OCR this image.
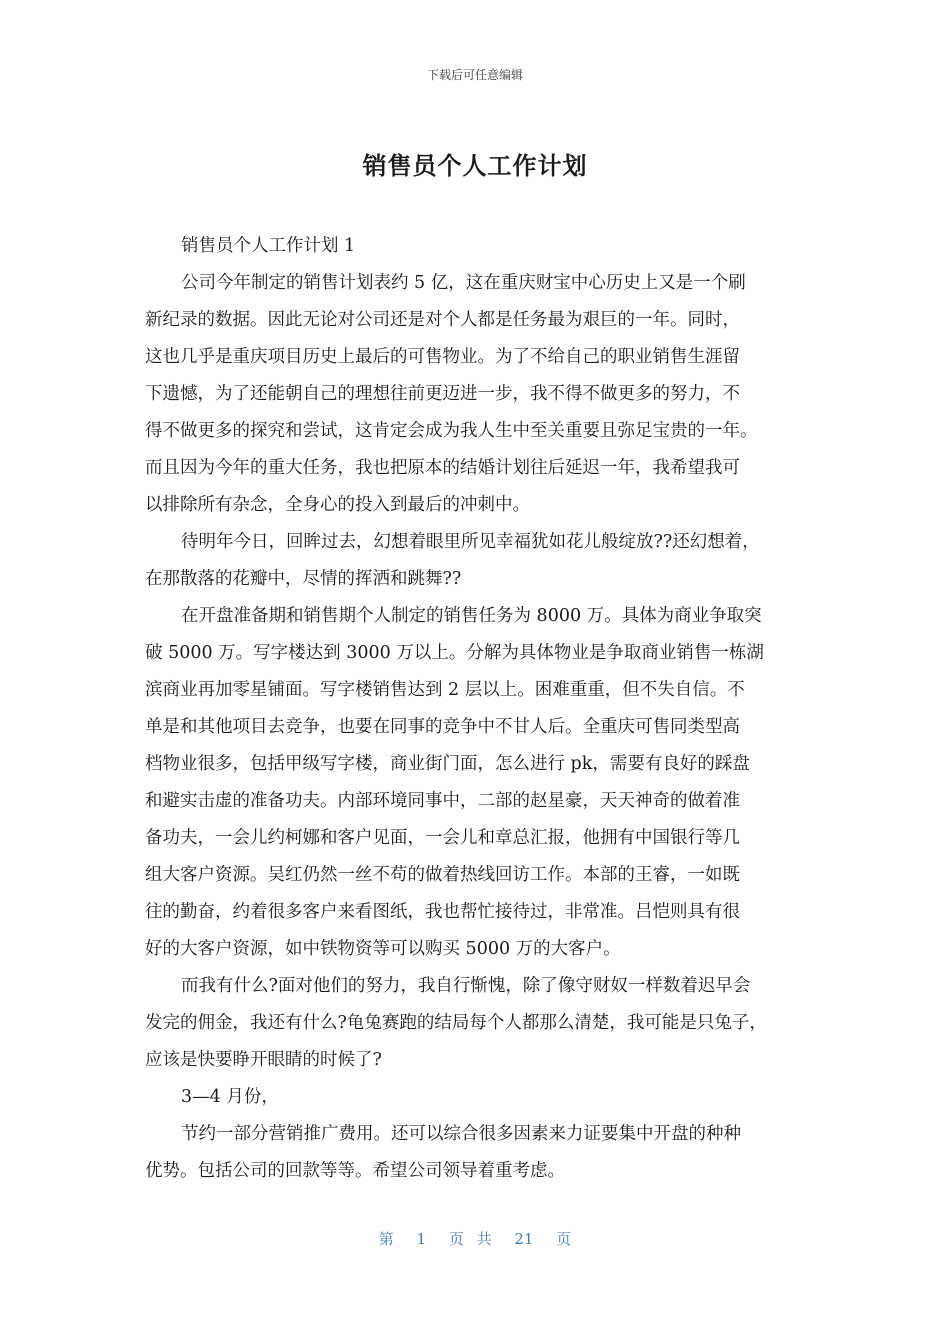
下载后可任意编辑
销售员个人工作计划
销售员个人工作计划 1
公司今年制定的销售计划表约 5 亿，这在重庆财宝中心历史上又是一个刷
新纪录的数据。因此无论对公司还是对个人都是任务最为艰巨的一年。同时，
这也几乎是重庆项目历史上最后的可售物业。为了不给自己的职业销售生涯留
下遗憾，为了还能朝自己的理想往前更迈进一步，我不得不做更多的努力，不
得不做更多的探究和尝试，这肯定会成为我人生中至关重要且弥足宝贵的一年。
而且因为今年的重大任务，我也把原本的结婚计划往后延迟一年，我希望我可
以排除所有杂念，全身心的投入到最后的冲刺中。
待明年今日，回眸过去，幻想着眼里所见幸福犹如花儿般绽放??还幻想着，
在那散落的花瓣中，尽情的挥洒和跳舞??
在开盘准备期和销售期个人制定的销售任务为 8000 万。具体为商业争取突
破 5000 万。写字楼达到 3000 万以上。分解为具体物业是争取商业销售一栋湖
滨商业再加零星铺面。写字楼销售达到 2 层以上。困难重重，但不失自信。不
单是和其他项目去竞争，也要在同事的竞争中不甘人后。全重庆可售同类型高
档物业很多，包括甲级写字楼，商业街门面，怎么进行 pk，需要有良好的踩盘
和避实击虚的准备功夫。内部环境同事中，二部的赵星豪，天天神奇的做着准
备功夫，一会儿约柯娜和客户见面，一会儿和章总汇报，他拥有中国银行等几
组大客户资源。吴红仍然一丝不苟的做着热线回访工作。本部的王睿，一如既
往的勤奋，约着很多客户来看图纸，我也帮忙接待过，非常准。吕恺则具有很
好的大客户资源，如中铁物资等可以购买 5000 万的大客户。
而我有什么?面对他们的努力，我自行惭愧，除了像守财奴一样数着迟早会
发完的佣金，我还有什么?龟兔赛跑的结局每个人都那么清楚，我可能是只兔子，
应该是快要睁开眼睛的时候了?
3—4 月份，
节约一部分营销推广费用。还可以综合很多因素来力证要集中开盘的种种
优势。包括公司的回款等等。希望公司领导着重考虑。
第 1 页 共 21 页
